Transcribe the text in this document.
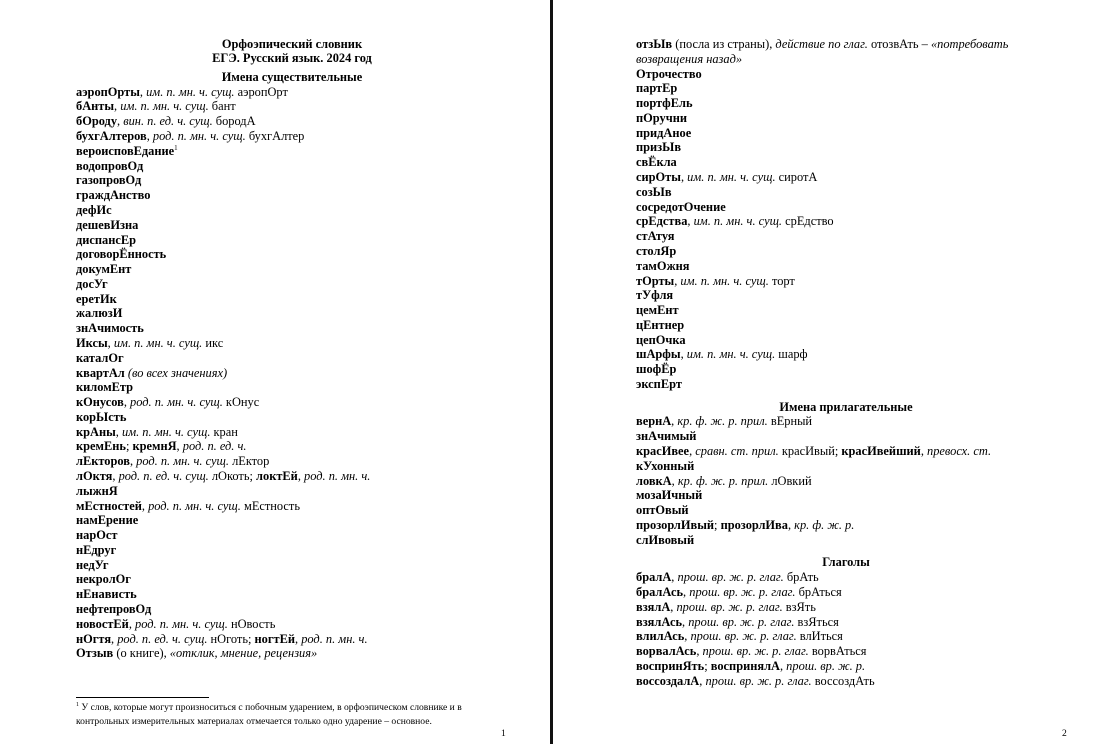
Орфоэпический словник
ЕГЭ. Русский язык. 2024 год
Имена существительные
аэропОрты, им. п. мн. ч. сущ. аэропОрт
бАнты, им. п. мн. ч. сущ. бант
бОроду, вин. п. ед. ч. сущ. бородА
бухгАлтеров, род. п. мн. ч. сущ. бухгАлтер
вероисповЕдание$^1$
водопровОд
газопровОд
граждАнство
дефИс
дешевИзна
диспансЕр
договорЁнность
докумЕнт
досУг
еретИк
жалюзИ
знАчимость
Иксы, им. п. мн. ч. сущ. икс
каталОг
квартАл (во всех значениях)
киломЕтр
кОнусов, род. п. мн. ч. сущ. кОнус
корЫсть
крАны, им. п. мн. ч. сущ. кран
кремЕнь; кремнЯ, род. п. ед. ч.
лЕкторов, род. п. мн. ч. сущ. лЕктор
лОктя, род. п. ед. ч. сущ. лОкоть; локтЕй, род. п. мн. ч.
лыжнЯ
мЕстностей, род. п. мн. ч. сущ. мЕстность
намЕрение
нарОст
нЕдруг
недУг
некролОг
нЕнависть
нефтепровОд
новостЕй, род. п. мн. ч. сущ. нОвость
нОгтя, род. п. ед. ч. сущ. нОготь; ногтЕй, род. п. мн. ч.
Отзыв (о книге), «отклик, мнение, рецензия»
$^1$ У слов, которые могут произноситься с побочным ударением, в орфоэпическом словнике и в контрольных измерительных материалах отмечается только одно ударение – основное.
1
отзЫв (посла из страны), действие по глаг. отозвАть – «потребовать
возвращения назад»
Отрочество
партЕр
портфЕль
пОручни
придАное
призЫв
свЁкла
сирОты, им. п. мн. ч. сущ. сиротА
созЫв
сосредотОчение
срЕдства, им. п. мн. ч. сущ. срЕдство
стАтуя
столЯр
тамОжня
тОрты, им. п. мн. ч. сущ. торт
тУфля
цемЕнт
цЕнтнер
цепОчка
шАрфы, им. п. мн. ч. сущ. шарф
шофЁр
экспЕрт
Имена прилагательные
вернА, кр. ф. ж. р. прил. вЕрный
знАчимый
красИвее, сравн. ст. прил. красИвый; красИвейший, превосх. ст.
кУхонный
ловкА, кр. ф. ж. р. прил. лОвкий
мозаИчный
оптОвый
прозорлИвый; прозорлИва, кр. ф. ж. р.
слИвовый
Глаголы
бралА, прош. вр. ж. р. глаг. брАть
бралАсь, прош. вр. ж. р. глаг. брАться
взялА, прош. вр. ж. р. глаг. взЯть
взялАсь, прош. вр. ж. р. глаг. взЯться
влилАсь, прош. вр. ж. р. глаг. влИться
ворвалАсь, прош. вр. ж. р. глаг. ворвАться
воспринЯть; воспринялА, прош. вр. ж. р.
воссоздалА, прош. вр. ж. р. глаг. воссоздАть
2
